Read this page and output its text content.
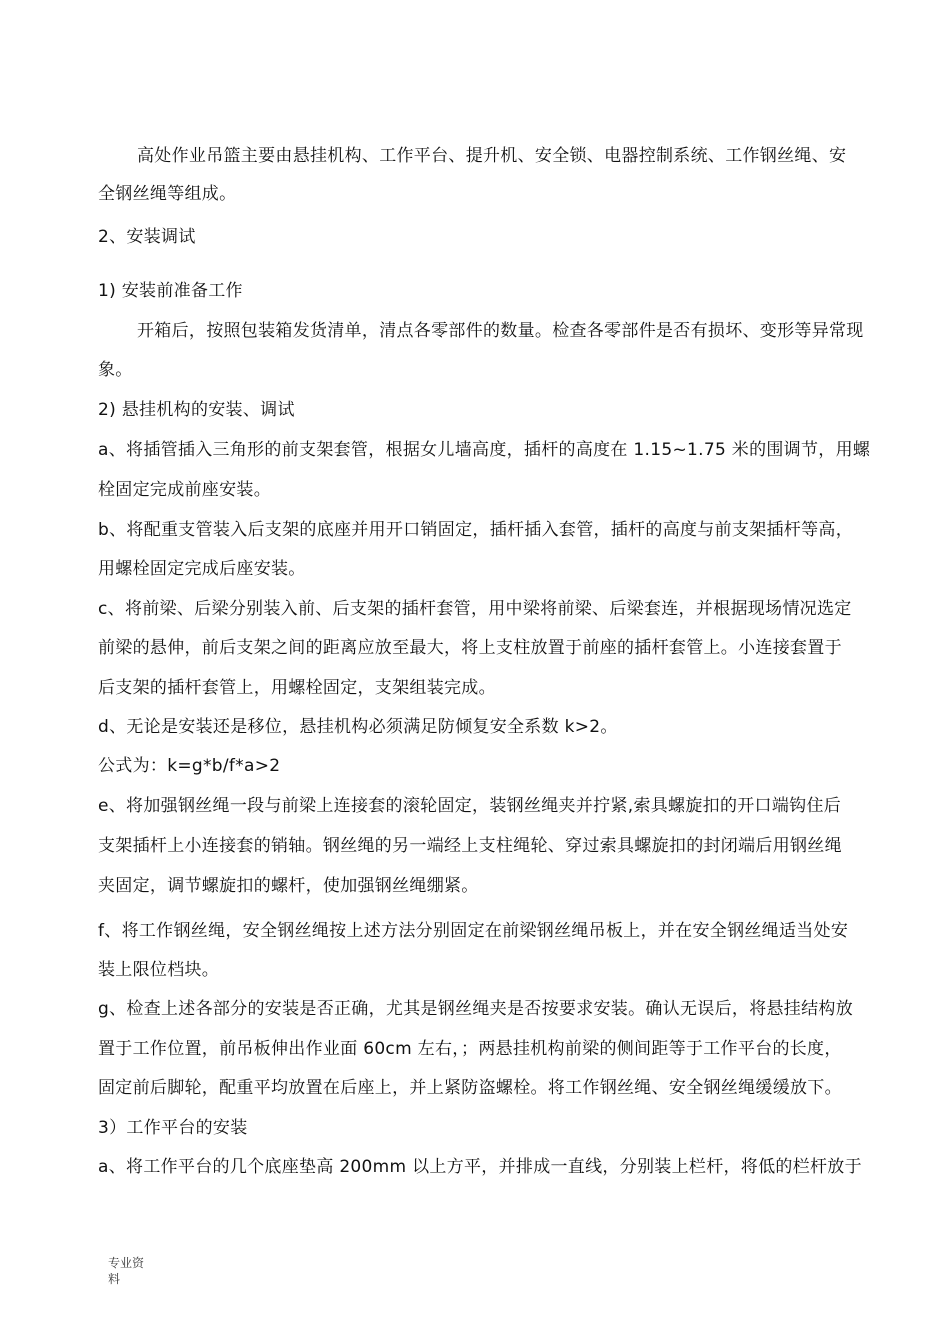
高处作业吊篮主要由悬挂机构、工作平台、提升机、安全锁、电器控制系统、工作钢丝绳、安
全钢丝绳等组成。
2、安装调试
1) 安装前准备工作
开箱后，按照包装箱发货清单，清点各零部件的数量。检查各零部件是否有损坏、变形等异常现
象。
2) 悬挂机构的安装、调试
a、将插管插入三角形的前支架套管，根据女儿墙高度，插杆的高度在 1.15~1.75 米的围调节，用螺
栓固定完成前座安装。
b、将配重支管装入后支架的底座并用开口销固定，插杆插入套管，插杆的高度与前支架插杆等高，
用螺栓固定完成后座安装。
c、将前梁、后梁分别装入前、后支架的插杆套管，用中梁将前梁、后梁套连，并根据现场情况选定
前梁的悬伸，前后支架之间的距离应放至最大，将上支柱放置于前座的插杆套管上。小连接套置于
后支架的插杆套管上，用螺栓固定，支架组装完成。
d、无论是安装还是移位，悬挂机构必须满足防倾复安全系数 k>2。
公式为：k=g*b/f*a>2
e、将加强钢丝绳一段与前梁上连接套的滚轮固定，装钢丝绳夹并拧紧,索具螺旋扣的开口端钩住后
支架插杆上小连接套的销轴。钢丝绳的另一端经上支柱绳轮、穿过索具螺旋扣的封闭端后用钢丝绳
夹固定，调节螺旋扣的螺杆，使加强钢丝绳绷紧。
f、将工作钢丝绳，安全钢丝绳按上述方法分别固定在前梁钢丝绳吊板上，并在安全钢丝绳适当处安
装上限位档块。
g、检查上述各部分的安装是否正确，尤其是钢丝绳夹是否按要求安装。确认无误后，将悬挂结构放
置于工作位置，前吊板伸出作业面 60cm 左右，；两悬挂机构前梁的侧间距等于工作平台的长度，
固定前后脚轮，配重平均放置在后座上，并上紧防盗螺栓。将工作钢丝绳、安全钢丝绳缓缓放下。
3）工作平台的安装
a、将工作平台的几个底座垫高 200mm 以上方平，并排成一直线，分别装上栏杆，将低的栏杆放于
专业资
料
